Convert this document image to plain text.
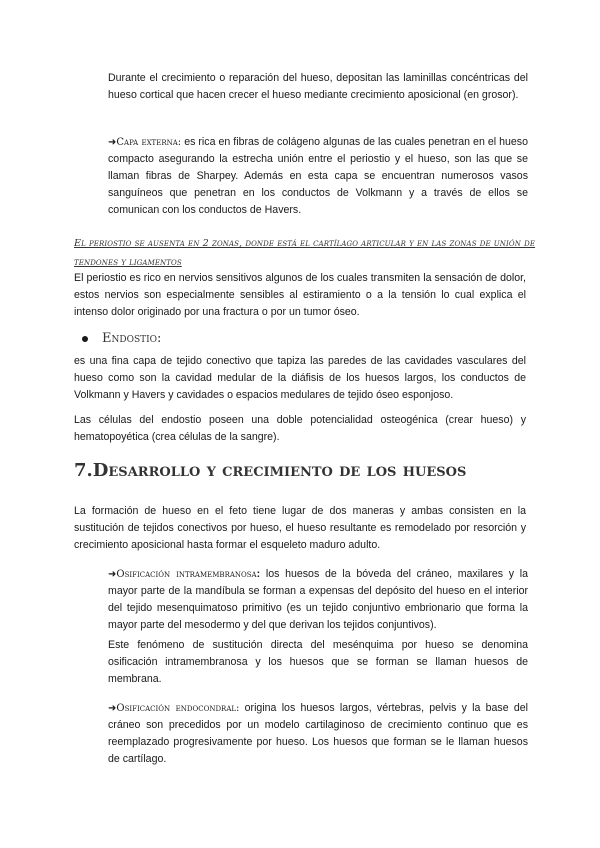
Durante el crecimiento o reparación del hueso, depositan las laminillas concéntricas del hueso cortical que hacen crecer el hueso mediante crecimiento aposicional (en grosor).

➜Capa externa: es rica en fibras de colágeno algunas de las cuales penetran en el hueso compacto asegurando la estrecha unión entre el periostio y el hueso, son las que se llaman fibras de Sharpey. Además en esta capa se encuentran numerosos vasos sanguíneos que penetran en los conductos de Volkmann y a través de ellos se comunican con los conductos de Havers.

El periostio se ausenta en 2 zonas, donde está el cartílago articular y en las zonas de unión de tendones y ligamentos

El periostio es rico en nervios sensitivos algunos de los cuales transmiten la sensación de dolor, estos nervios son especialmente sensibles al estiramiento o a la tensión lo cual explica el intenso dolor originado por una fractura o por un tumor óseo.

Endostio:

es una fina capa de tejido conectivo que tapiza las paredes de las cavidades vasculares del hueso como son la cavidad medular de la diáfisis de los huesos largos, los conductos de Volkmann y Havers y cavidades o espacios medulares de tejido óseo esponjoso.

Las células del endostio poseen una doble potencialidad osteogénica (crear hueso) y hematopoyética (crea células de la sangre).

7.Desarrollo y crecimiento de los huesos

La formación de hueso en el feto tiene lugar de dos maneras y ambas consisten en la sustitución de tejidos conectivos por hueso, el hueso resultante es remodelado por resorción y crecimiento aposicional hasta formar el esqueleto maduro adulto.

➜Osificación intramembranosa: los huesos de la bóveda del cráneo, maxilares y la mayor parte de la mandíbula se forman a expensas del depósito del hueso en el interior del tejido mesenquimatoso primitivo (es un tejido conjuntivo embrionario que forma la mayor parte del mesodermo y del que derivan los tejidos conjuntivos).

Este fenómeno de sustitución directa del mesénquima por hueso se denomina osificación intramembranosa y los huesos que se forman se llaman huesos de membrana.

➜Osificación endocondral: origina los huesos largos, vértebras, pelvis y la base del cráneo son precedidos por un modelo cartilaginoso de crecimiento continuo que es reemplazado progresivamente por hueso. Los huesos que forman se le llaman huesos de cartílago.
